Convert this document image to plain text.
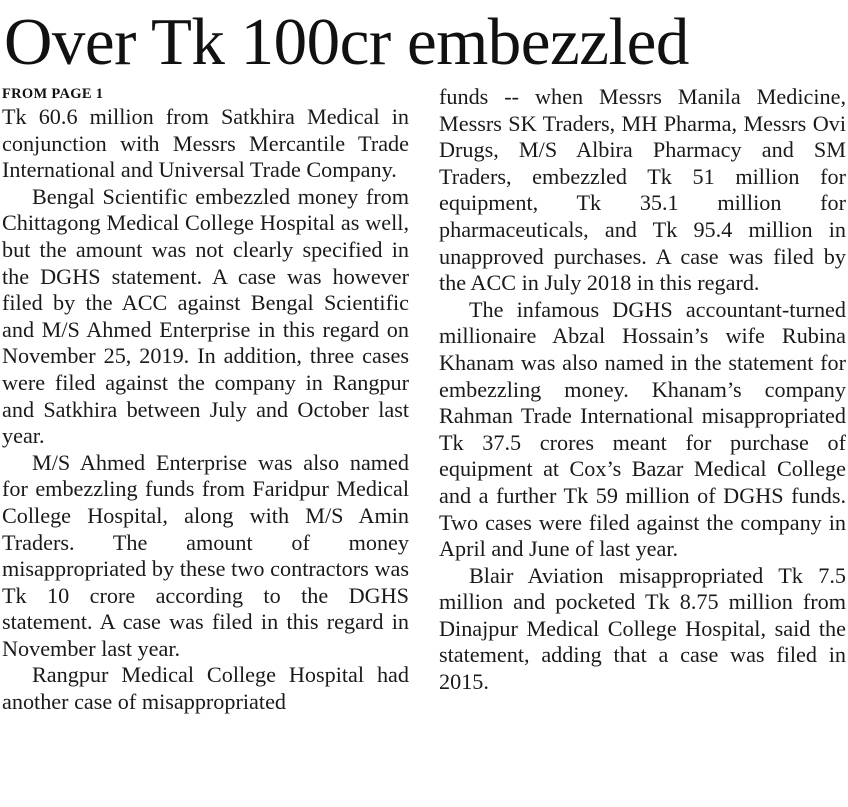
Over Tk 100cr embezzled

FROM PAGE 1

Tk 60.6 million from Satkhira Medical in conjunction with Messrs Mercantile Trade International and Universal Trade Company.

Bengal Scientific embezzled money from Chittagong Medical College Hospital as well, but the amount was not clearly specified in the DGHS statement. A case was however filed by the ACC against Bengal Scientific and M/S Ahmed Enterprise in this regard on November 25, 2019. In addition, three cases were filed against the company in Rangpur and Satkhira between July and October last year.

M/S Ahmed Enterprise was also named for embezzling funds from Faridpur Medical College Hospital, along with M/S Amin Traders. The amount of money misappropriated by these two contractors was Tk 10 crore according to the DGHS statement. A case was filed in this regard in November last year.

Rangpur Medical College Hospital had another case of misappropriated

funds -- when Messrs Manila Medicine, Messrs SK Traders, MH Pharma, Messrs Ovi Drugs, M/S Albira Pharmacy and SM Traders, embezzled Tk 51 million for equipment, Tk 35.1 million for pharmaceuticals, and Tk 95.4 million in unapproved purchases. A case was filed by the ACC in July 2018 in this regard.

The infamous DGHS accountant-turned millionaire Abzal Hossain’s wife Rubina Khanam was also named in the statement for embezzling money. Khanam’s company Rahman Trade International misappropriated Tk 37.5 crores meant for purchase of equipment at Cox’s Bazar Medical College and a further Tk 59 million of DGHS funds. Two cases were filed against the company in April and June of last year.

Blair Aviation misappropriated Tk 7.5 million and pocketed Tk 8.75 million from Dinajpur Medical College Hospital, said the statement, adding that a case was filed in 2015.
